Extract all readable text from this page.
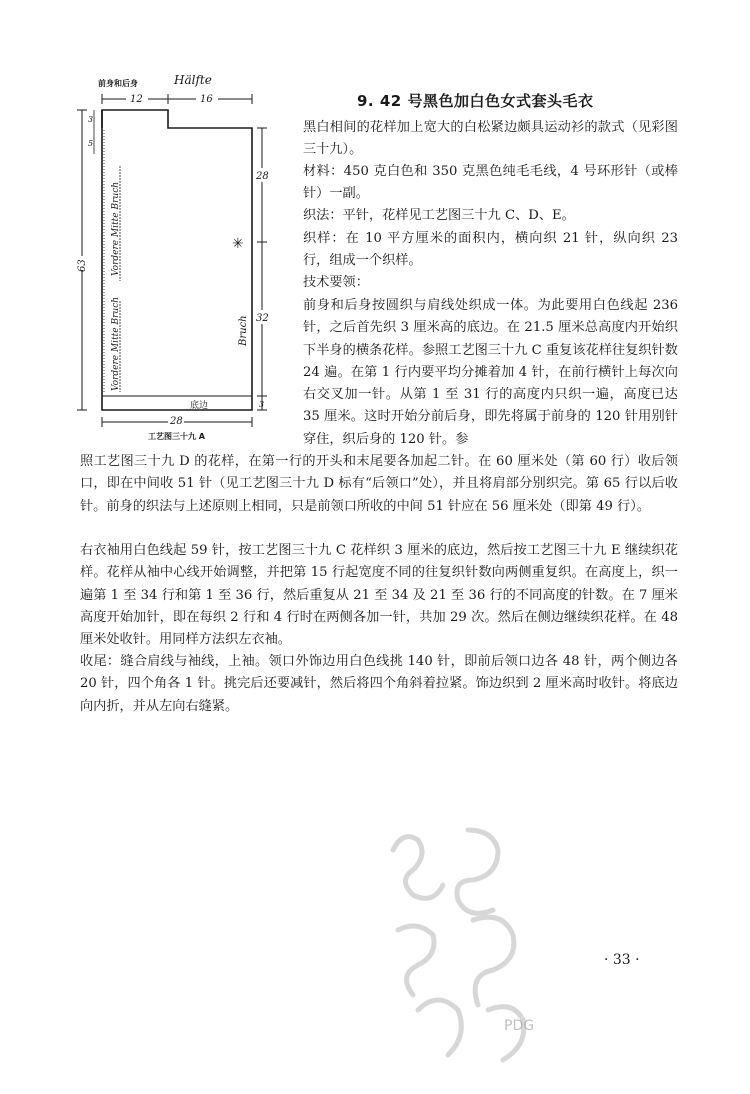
前身和后身	Hälfte
12	16
底边
✳
Vordere Mitte Bruch
Vordere Mitte Bruch	Bruch
3
5
63
28
32
3
28
工艺图三十九 A
9. 42 号黑色加白色女式套头毛衣
黑白相间的花样加上宽大的白松紧边颇具运动衫的款式（见彩图三十九）。
材料：450 克白色和 350 克黑色纯毛毛线，4 号环形针（或棒针）一副。
织法：平针，花样见工艺图三十九 C、D、E。
织样：在 10 平方厘米的面积内，横向织 21 针，纵向织 23 行，组成一个织样。
技术要领：
前身和后身按圆织与肩线处织成一体。为此要用白色线起 236 针，之后首先织 3 厘米高的底边。在 21.5 厘米总高度内开始织下半身的横条花样。参照工艺图三十九 C 重复该花样往复织针数 24 遍。在第 1 行内要平均分摊着加 4 针，在前行横针上每次向右交叉加一针。从第 1 至 31 行的高度内只织一遍，高度已达 35 厘米。这时开始分前后身，即先将属于前身的 120 针用别针穿住，织后身的 120 针。参
照工艺图三十九 D 的花样，在第一行的开头和末尾要各加起二针。在 60 厘米处（第 60 行）收后领口，即在中间收 51 针（见工艺图三十九 D 标有“后领口”处），并且将肩部分别织完。第 65 行以后收针。前身的织法与上述原则上相同，只是前领口所收的中间 51 针应在 56 厘米处（即第 49 行）。
右衣袖用白色线起 59 针，按工艺图三十九 C 花样织 3 厘米的底边，然后按工艺图三十九 E 继续织花样。花样从袖中心线开始调整，并把第 15 行起宽度不同的往复织针数向两侧重复织。在高度上，织一遍第 1 至 34 行和第 1 至 36 行，然后重复从 21 至 34 及 21 至 36 行的不同高度的针数。在 7 厘米高度开始加针，即在每织 2 行和 4 行时在两侧各加一针，共加 29 次。然后在侧边继续织花样。在 48 厘米处收针。用同样方法织左衣袖。
收尾：缝合肩线与袖线，上袖。领口外饰边用白色线挑 140 针，即前后领口边各 48 针，两个侧边各 20 针，四个角各 1 针。挑完后还要减针，然后将四个角斜着拉紧。饰边织到 2 厘米高时收针。将底边向内折，并从左向右缝紧。
· 33 ·
PDG
